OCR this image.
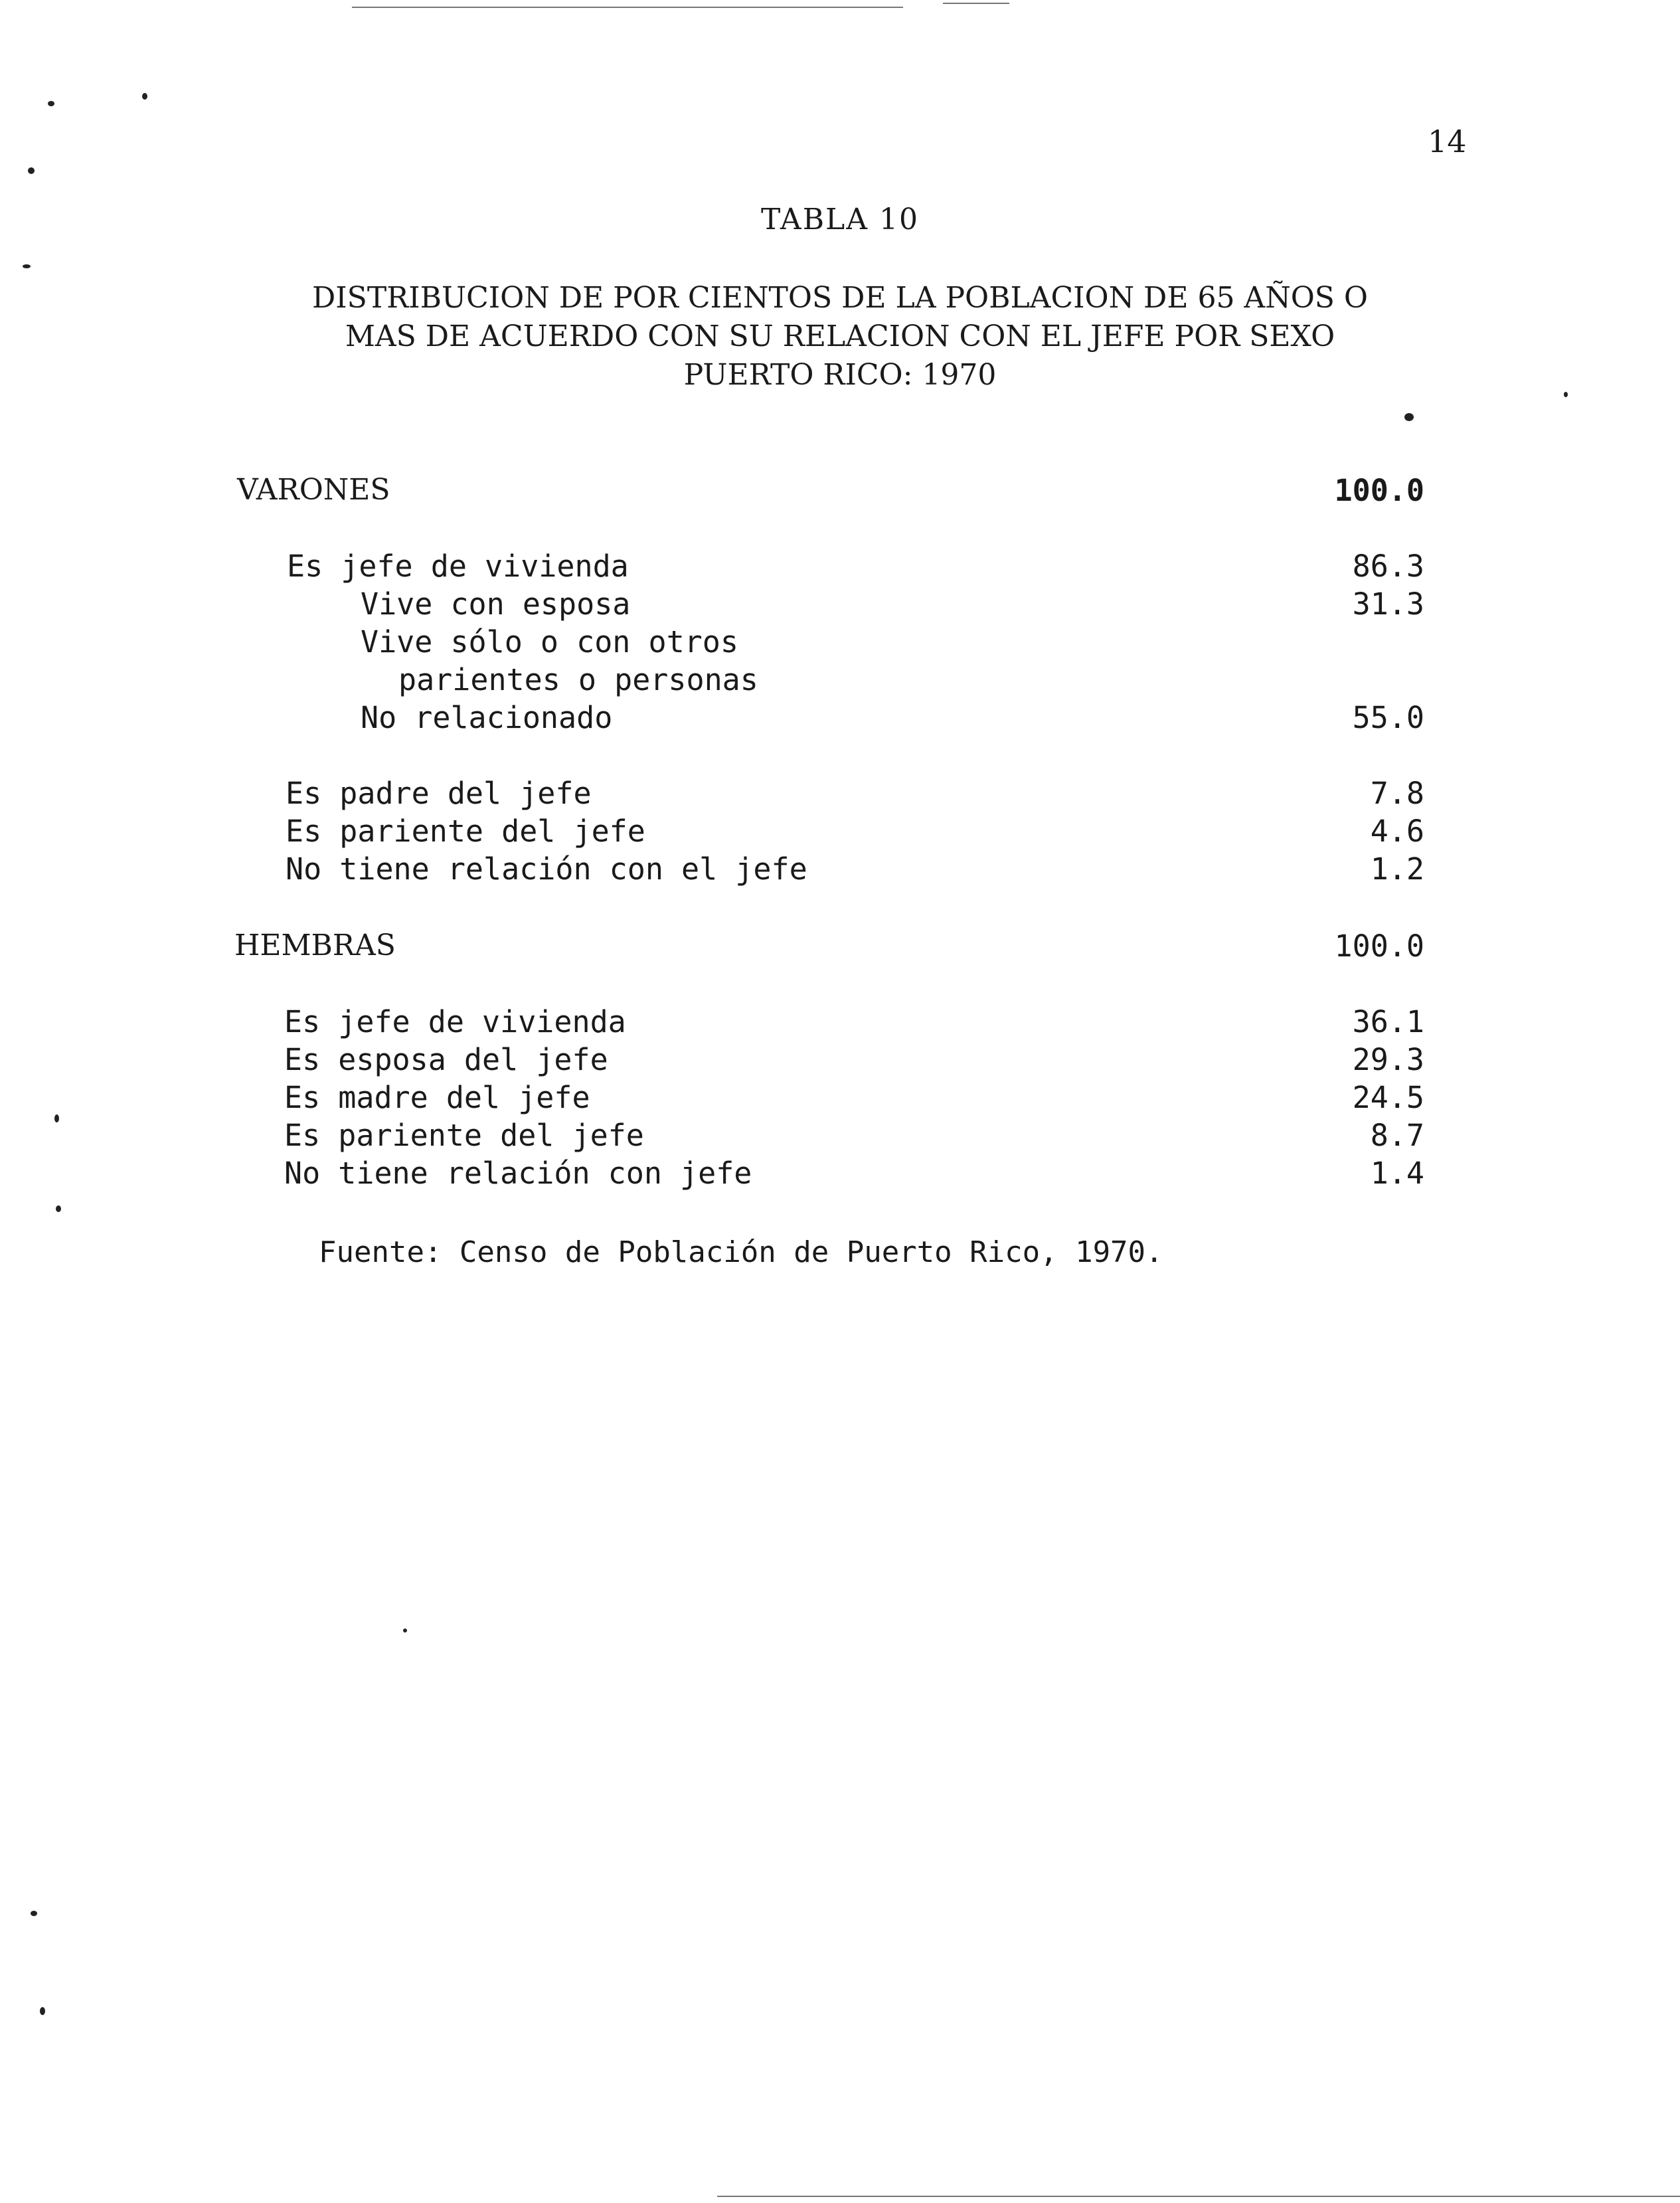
14
TABLA 10
DISTRIBUCION DE POR CIENTOS DE LA POBLACION DE 65 AÑOS O
MAS DE ACUERDO CON SU RELACION CON EL JEFE POR SEXO
PUERTO RICO: 1970
VARONES	100.0
Es jefe de vivienda	86.3
Vive con esposa	31.3
Vive sólo o con otros
parientes o personas
No relacionado	55.0
Es padre del jefe	7.8
Es pariente del jefe	4.6
No tiene relación con el jefe	1.2
HEMBRAS	100.0
Es jefe de vivienda	36.1
Es esposa del jefe	29.3
Es madre del jefe	24.5
Es pariente del jefe	8.7
No tiene relación con jefe	1.4
Fuente: Censo de Población de Puerto Rico, 1970.
